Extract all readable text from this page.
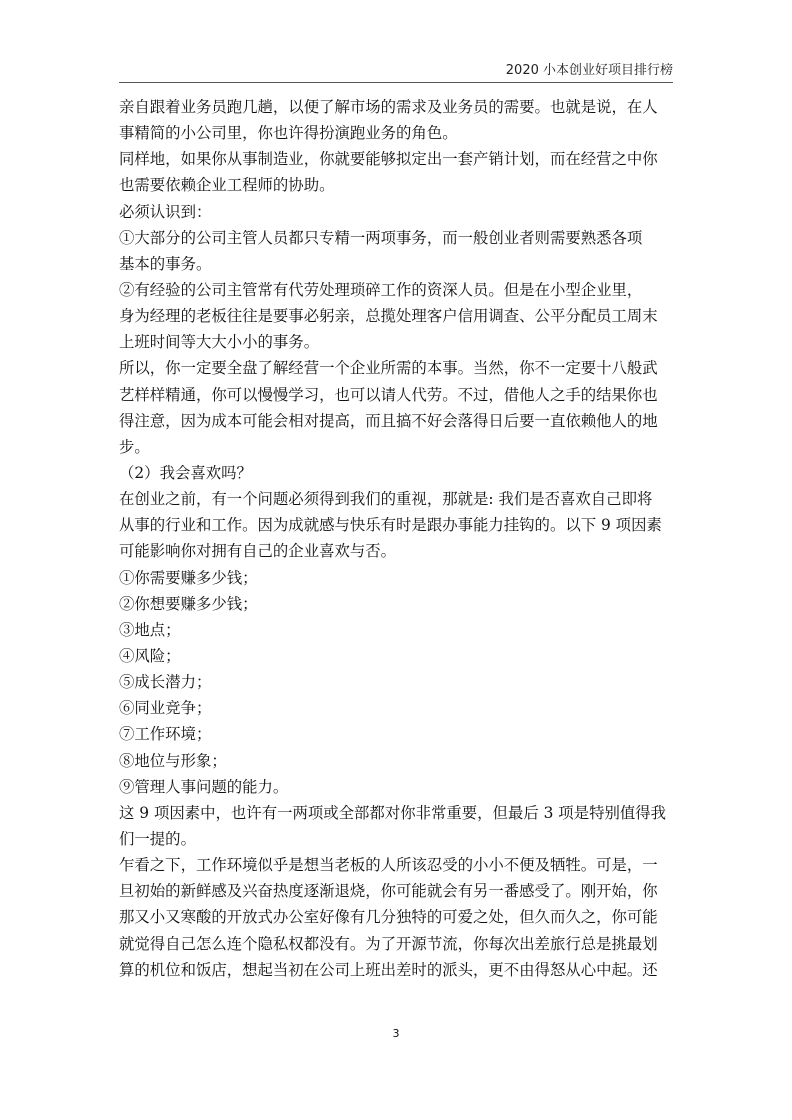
2020 小本创业好项目排行榜
亲自跟着业务员跑几趟，以便了解市场的需求及业务员的需要。也就是说，在人
事精简的小公司里，你也许得扮演跑业务的角色。
同样地，如果你从事制造业，你就要能够拟定出一套产销计划，而在经营之中你
也需要依赖企业工程师的协助。
必须认识到：
①大部分的公司主管人员都只专精一两项事务，而一般创业者则需要熟悉各项
基本的事务。
②有经验的公司主管常有代劳处理琐碎工作的资深人员。但是在小型企业里，
身为经理的老板往往是要事必躬亲，总揽处理客户信用调查、公平分配员工周末
上班时间等大大小小的事务。
所以，你一定要全盘了解经营一个企业所需的本事。当然，你不一定要十八般武
艺样样精通，你可以慢慢学习，也可以请人代劳。不过，借他人之手的结果你也
得注意，因为成本可能会相对提高，而且搞不好会落得日后要一直依赖他人的地
步。
（2）我会喜欢吗？
在创业之前，有一个问题必须得到我们的重视，那就是: 我们是否喜欢自己即将
从事的行业和工作。因为成就感与快乐有时是跟办事能力挂钩的。以下 9 项因素
可能影响你对拥有自己的企业喜欢与否。
①你需要赚多少钱；
②你想要赚多少钱；
③地点；
④风险；
⑤成长潜力；
⑥同业竞争；
⑦工作环境；
⑧地位与形象；
⑨管理人事问题的能力。
这 9 项因素中，也许有一两项或全部都对你非常重要，但最后 3 项是特别值得我
们一提的。
乍看之下，工作环境似乎是想当老板的人所该忍受的小小不便及牺牲。可是，一
旦初始的新鲜感及兴奋热度逐渐退烧，你可能就会有另一番感受了。刚开始，你
那又小又寒酸的开放式办公室好像有几分独特的可爱之处，但久而久之，你可能
就觉得自己怎么连个隐私权都没有。为了开源节流，你每次出差旅行总是挑最划
算的机位和饭店，想起当初在公司上班出差时的派头，更不由得怒从心中起。还
3
